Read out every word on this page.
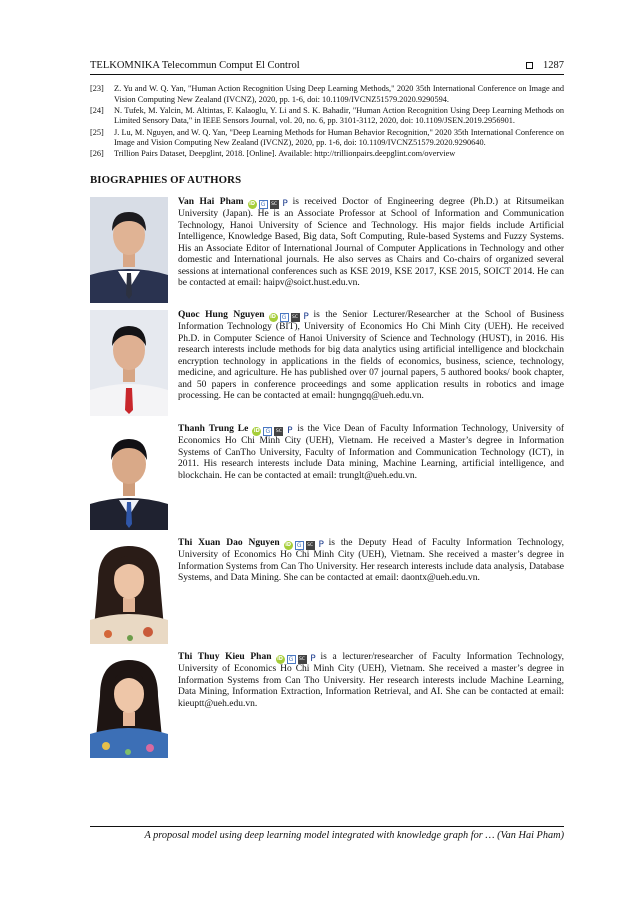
TELKOMNIKA Telecommun Comput El Control	1287
[23]	Z. Yu and W. Q. Yan, "Human Action Recognition Using Deep Learning Methods," 2020 35th International Conference on Image and Vision Computing New Zealand (IVCNZ), 2020, pp. 1-6, doi: 10.1109/IVCNZ51579.2020.9290594.
[24]	N. Tufek, M. Yalcin, M. Altintas, F. Kalaoglu, Y. Li and S. K. Bahadir, "Human Action Recognition Using Deep Learning Methods on Limited Sensory Data," in IEEE Sensors Journal, vol. 20, no. 6, pp. 3101-3112, 2020, doi: 10.1109/JSEN.2019.2956901.
[25]	J. Lu, M. Nguyen, and W. Q. Yan, "Deep Learning Methods for Human Behavior Recognition," 2020 35th International Conference on Image and Vision Computing New Zealand (IVCNZ), 2020, pp. 1-6, doi: 10.1109/IVCNZ51579.2020.9290640.
[26]	Trillion Pairs Dataset, Deepglint, 2018. [Online]. Available: http://trillionpairs.deepglint.com/overview
BIOGRAPHIES OF AUTHORS
Van Hai Pham	iD G	SC P is received Doctor of Engineering degree (Ph.D.) at Ritsumeikan University (Japan). He is an Associate Professor at School of Information and Communication Technology, Hanoi University of Science and Technology. His major fields include Artificial Intelligence, Knowledge Based, Big data, Soft Computing, Rule-based Systems and Fuzzy Systems. His an Associate Editor of International Journal of Computer Applications in Technology and other domestic and International journals. He also serves as Chairs and Co-chairs of organized several sessions at international conferences such as KSE 2019, KSE 2017, KSE 2015, SOICT 2014. He can be contacted at email: haipv@soict.hust.edu.vn.
Quoc Hung Nguyen	iD G	SC P is the Senior Lecturer/Researcher at the School of Business Information Technology (BIT), University of Economics Ho Chi Minh City (UEH). He received Ph.D. in Computer Science of Hanoi University of Science and Technology (HUST), in 2016. His research interests include methods for big data analytics using artificial intelligence and blockchain encryption technology in applications in the fields of economics, business, science, technology, medicine, and agriculture. He has published over 07 journal papers, 5 authored books/ book chapter, and 50 papers in conference proceedings and some application results in robotics and image processing. He can be contacted at email: hungngq@ueh.edu.vn.
Thanh Trung Le	iD G	SC P is the Vice Dean of Faculty Information Technology, University of Economics Ho Chi Minh City (UEH), Vietnam. He received a Master’s degree in Information Systems of CanTho University, Faculty of Information and Communication Technology (ICT), in 2011. His research interests include Data mining, Machine Learning, artificial intelligence, and blockchain. He can be contacted at email: trunglt@ueh.edu.vn.
Thi Xuan Dao Nguyen	iD G	SC P is the Deputy Head of Faculty Information Technology, University of Economics Ho Chi Minh City (UEH), Vietnam. She received a master’s degree in Information Systems from Can Tho University. Her research interests include data analysis, Database Systems, and Data Mining. She can be contacted at email: daontx@ueh.edu.vn.
Thi Thuy Kieu Phan	iD G	SC P is a lecturer/researcher of Faculty Information Technology, University of Economics Ho Chi Minh City (UEH), Vietnam. She received a master’s degree in Information Systems from Can Tho University. Her research interests include Machine Learning, Data Mining, Information Extraction, Information Retrieval, and AI. She can be contacted at email: kieuptt@ueh.edu.vn.
A proposal model using deep learning model integrated with knowledge graph for … (Van Hai Pham)
